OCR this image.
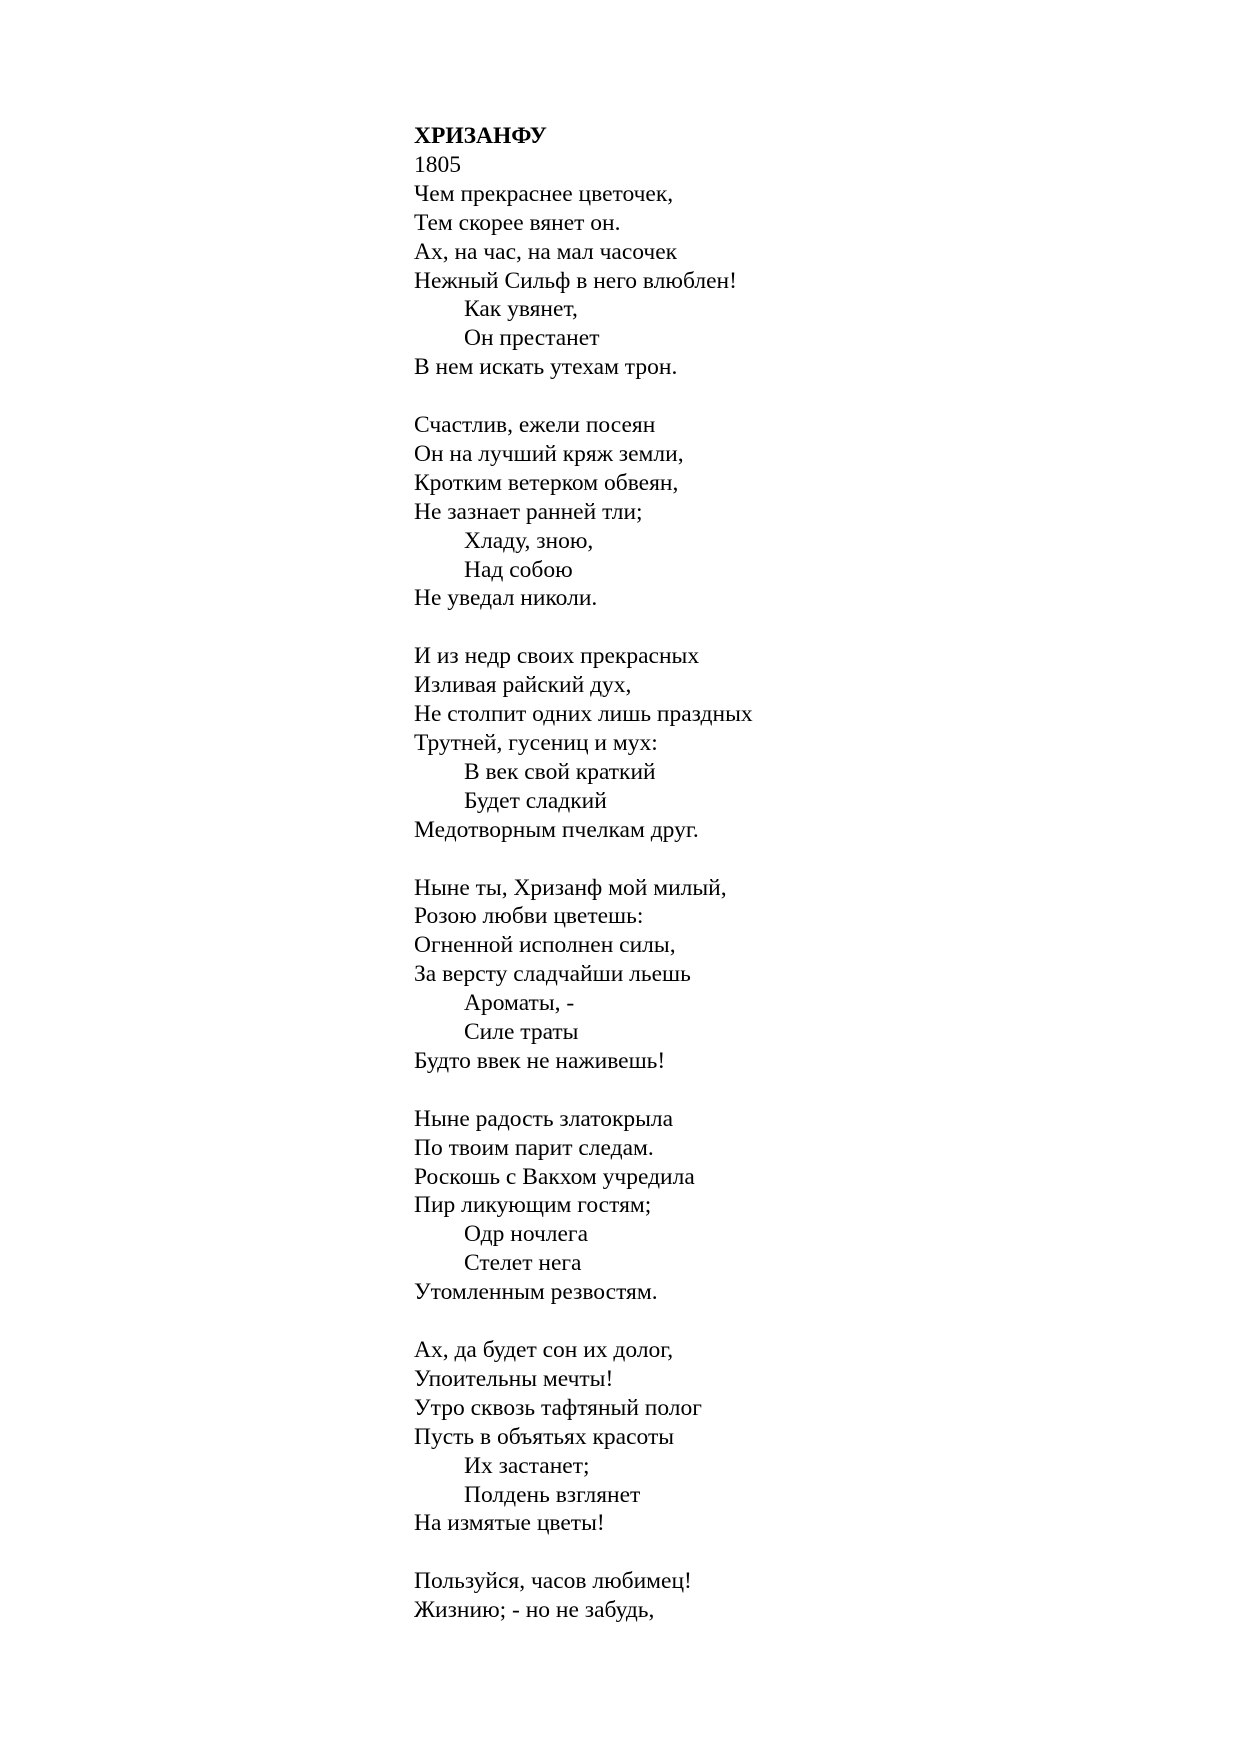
ХРИЗАНФУ
1805
Чем прекраснее цветочек,
Тем скорее вянет он.
Ах, на час, на мал часочек
Нежный Сильф в него влюблен!
Как увянет,
Он престанет
В нем искать утехам трон.
Счастлив, ежели посеян
Он на лучший кряж земли,
Кротким ветерком обвеян,
Не зазнает ранней тли;
Хладу, зною,
Над собою
Не уведал николи.
И из недр своих прекрасных
Изливая райский дух,
Не столпит одних лишь праздных
Трутней, гусениц и мух:
В век свой краткий
Будет сладкий
Медотворным пчелкам друг.
Ныне ты, Хризанф мой милый,
Розою любви цветешь:
Огненной исполнен силы,
За версту сладчайши льешь
Ароматы, -
Силе траты
Будто ввек не наживешь!
Ныне радость златокрыла
По твоим парит следам.
Роскошь с Вакхом учредила
Пир ликующим гостям;
Одр ночлега
Стелет нега
Утомленным резвостям.
Ах, да будет сон их долог,
Упоительны мечты!
Утро сквозь тафтяный полог
Пусть в объятьях красоты
Их застанет;
Полдень взглянет
На измятые цветы!
Пользуйся, часов любимец!
Жизнию; - но не забудь,
